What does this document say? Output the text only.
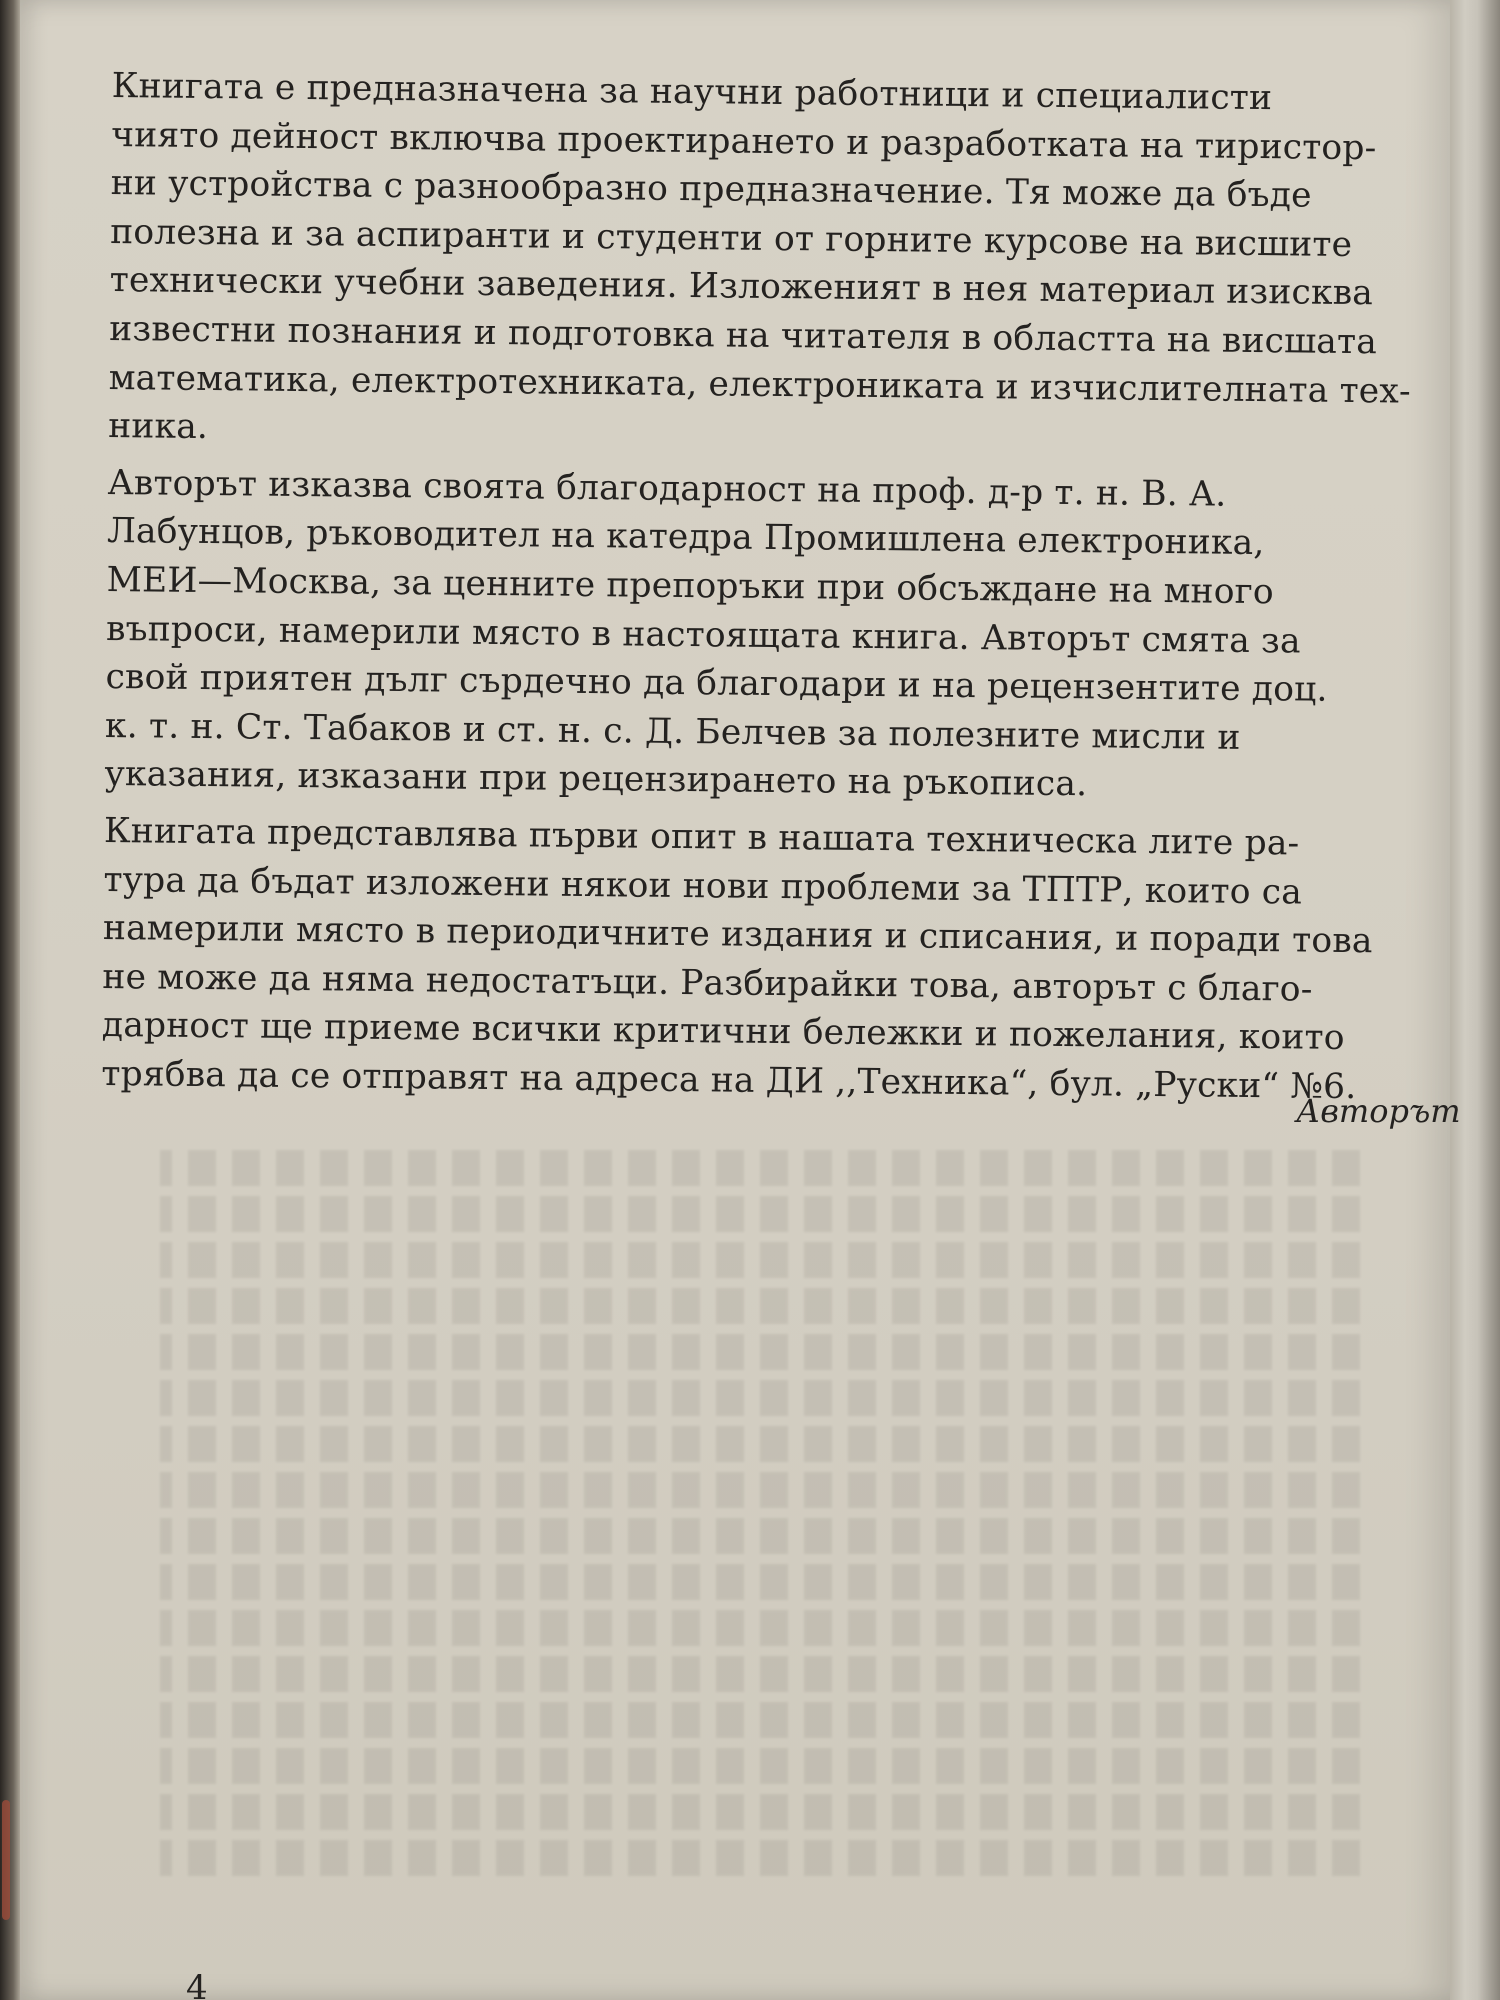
Книгата е предназначена за научни работници и специалисти
чиято дейност включва проектирането и разработката на тиристор-
ни устройства с разнообразно предназначение. Тя може да бъде
полезна и за аспиранти и студенти от горните курсове на висшите
технически учебни заведения. Изложеният в нея материал изисква
известни познания и подготовка на читателя в областта на висшата
математика, електротехниката, електрониката и изчислителната тех-
ника.
Авторът изказва своята благодарност на проф. д-р т. н. В. А.
Лабунцов, ръководител на катедра Промишлена електроника,
МЕИ—Москва, за ценните препоръки при обсъждане на много
въпроси, намерили място в настоящата книга. Авторът смята за
свой приятен дълг сърдечно да благодари и на рецензентите доц.
к. т. н. Ст. Табаков и ст. н. с. Д. Белчев за полезните мисли и
указания, изказани при рецензирането на ръкописа.
Книгата представлява първи опит в нашата техническа лите ра-
тура да бъдат изложени някои нови проблеми за ТПТР, които са
намерили място в периодичните издания и списания, и поради това
не може да няма недостатъци. Разбирайки това, авторът с благо-
дарност ще приеме всички критични бележки и пожелания, които
трябва да се отправят на адреса на ДИ ,,Техника“, бул. „Руски“ №6.
Авторът
4
